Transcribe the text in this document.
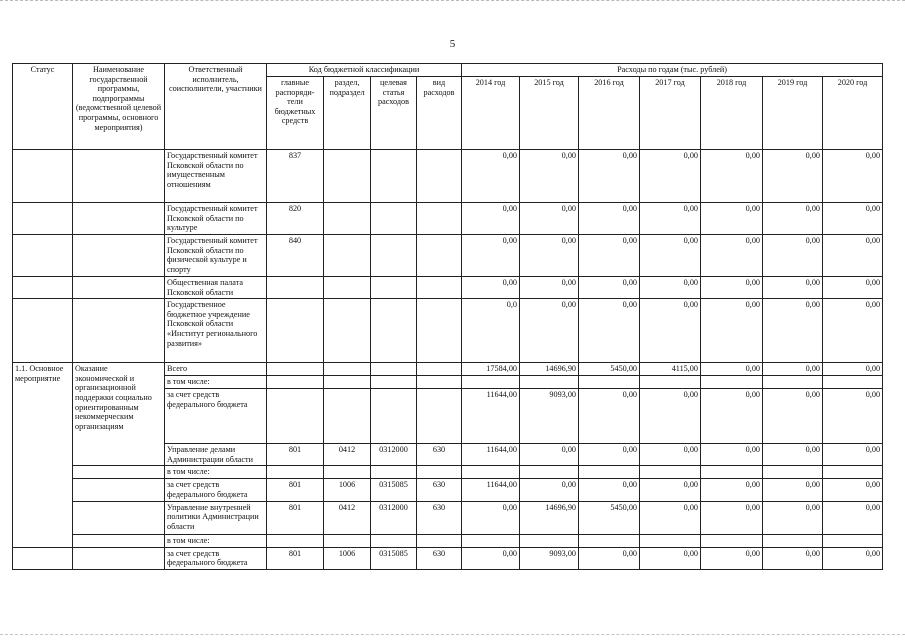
5
Статус	Наименование государственной программы, подпрограммы (ведомственной целевой программы, основного мероприятия)	Ответственный исполнитель, соисполнители, участники	Код бюджетной классификации				Расходы по годам (тыс. рублей)						
			главные распоряди-тели бюджетных средств	раздел, подраздел	целевая статья расходов	вид расходов	2014 год	2015 год	2016 год	2017 год	2018 год	2019 год	2020 год
		Государственный комитет Псковской области по имущественным отношениям	837				0,00	0,00	0,00	0,00	0,00	0,00	0,00
		Государственный комитет Псковской области по культуре	820				0,00	0,00	0,00	0,00	0,00	0,00	0,00
		Государственный комитет Псковской области по физической культуре и спорту	840				0,00	0,00	0,00	0,00	0,00	0,00	0,00
		Общественная палата Псковской области					0,00	0,00	0,00	0,00	0,00	0,00	0,00
		Государственное бюджетное учреждение Псковской области «Институт регионального развития»					0,0	0,00	0,00	0,00	0,00	0,00	0,00
1.1. Основное мероприятие	Оказание экономической и организационной поддержки социально ориентированным некоммерческим организациям	Всего					17584,00	14696,90	5450,00	4115,00	0,00	0,00	0,00
		в том числе:											
		за счет средств федерального бюджета					11644,00	9093,00	0,00	0,00	0,00	0,00	0,00
		Управление делами Администрации области	801	0412	0312000	630	11644,00	0,00	0,00	0,00	0,00	0,00	0,00
		в том числе:											
		за счет средств федерального бюджета	801	1006	0315085	630	11644,00	0,00	0,00	0,00	0,00	0,00	0,00
		Управление внутренней политики Администрации области	801	0412	0312000	630	0,00	14696,90	5450,00	0,00	0,00	0,00	0,00
		в том числе:											
		за счет средств федерального бюджета	801	1006	0315085	630	0,00	9093,00	0,00	0,00	0,00	0,00	0,00
